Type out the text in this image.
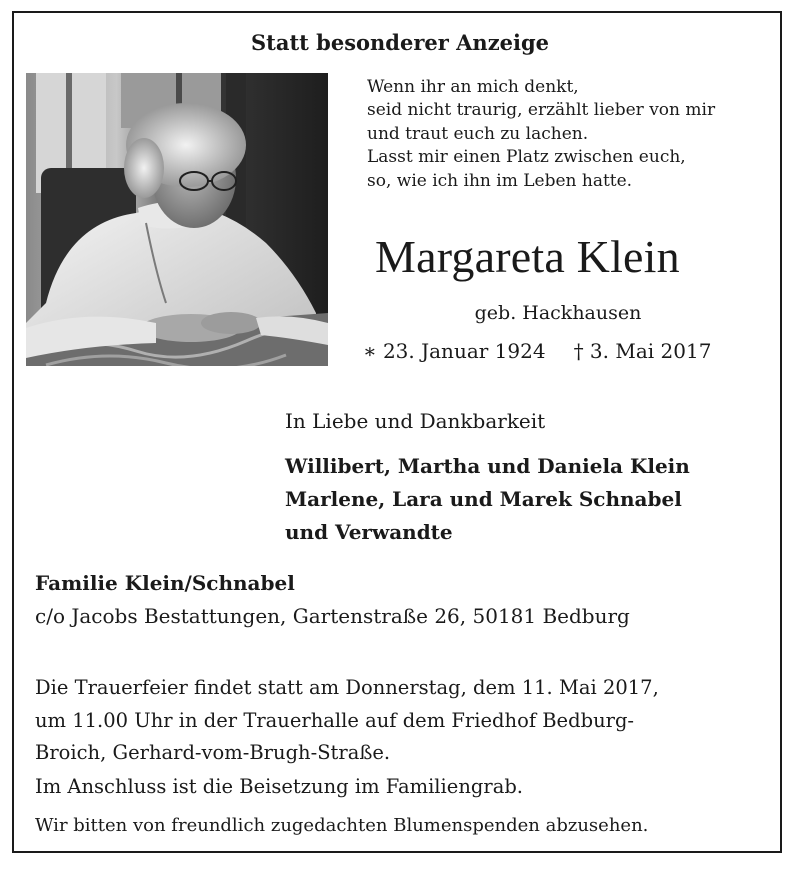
Statt besonderer Anzeige
Wenn ihr an mich denkt,
seid nicht traurig, erzählt lieber von mir
und traut euch zu lachen.
Lasst mir einen Platz zwischen euch,
so, wie ich ihn im Leben hatte.
Margareta Klein
geb. Hackhausen
∗ 23. Januar 1924 † 3. Mai 2017
In Liebe und Dankbarkeit
Willibert, Martha und Daniela Klein
Marlene, Lara und Marek Schnabel
und Verwandte
Familie Klein/Schnabel
c/o Jacobs Bestattungen, Gartenstraße 26, 50181 Bedburg
Die Trauerfeier findet statt am Donnerstag, dem 11. Mai 2017,
um 11.00 Uhr in der Trauerhalle auf dem Friedhof Bedburg-
Broich, Gerhard-vom-Brugh-Straße.
Im Anschluss ist die Beisetzung im Familiengrab.
Wir bitten von freundlich zugedachten Blumenspenden abzusehen.
